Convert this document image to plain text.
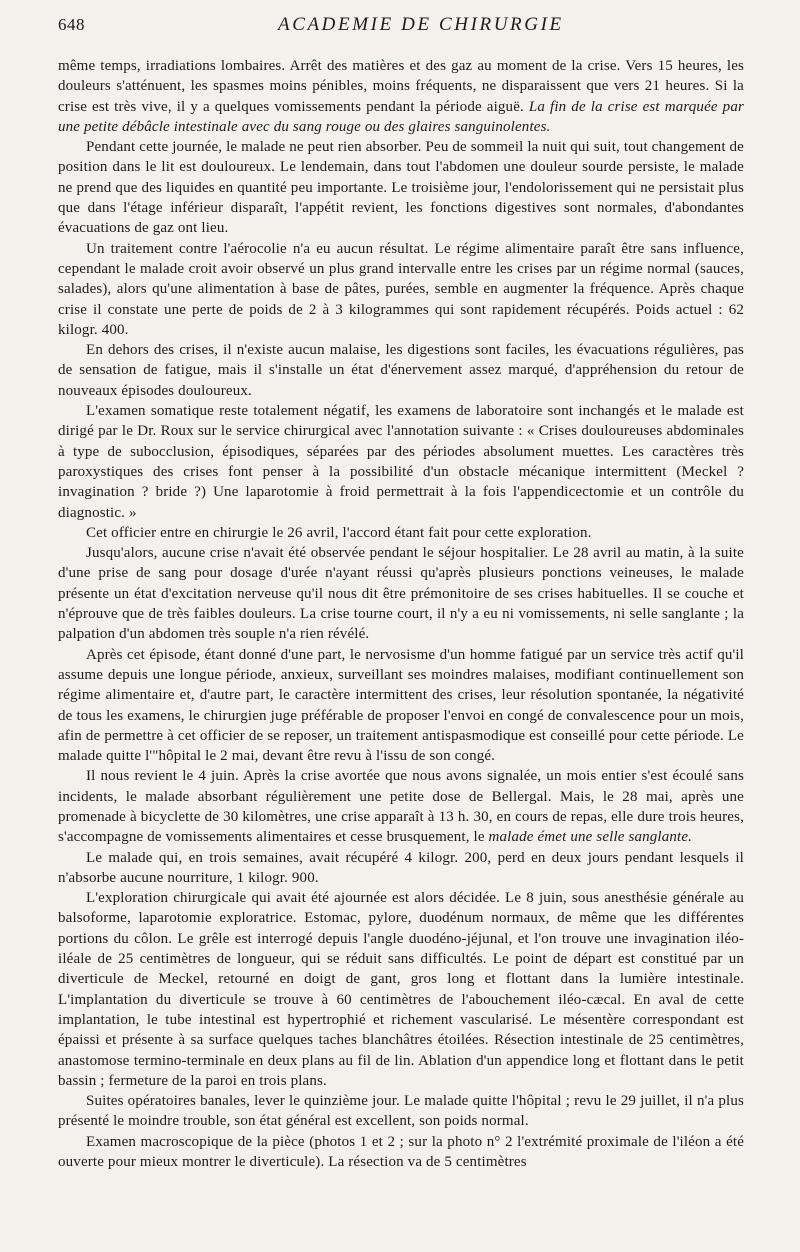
648	ACADEMIE DE CHIRURGIE

même temps, irradiations lombaires. Arrêt des matières et des gaz au moment de la crise. Vers 15 heures, les douleurs s'atténuent, les spasmes moins pénibles, moins fréquents, ne disparaissent que vers 21 heures. Si la crise est très vive, il y a quelques vomissements pendant la période aiguë. La fin de la crise est marquée par une petite débâcle intestinale avec du sang rouge ou des glaires sanguinolentes.

Pendant cette journée, le malade ne peut rien absorber. Peu de sommeil la nuit qui suit, tout changement de position dans le lit est douloureux. Le lendemain, dans tout l'abdomen une douleur sourde persiste, le malade ne prend que des liquides en quantité peu importante. Le troisième jour, l'endolorissement qui ne persistait plus que dans l'étage inférieur disparaît, l'appétit revient, les fonctions digestives sont normales, d'abondantes évacuations de gaz ont lieu.

Un traitement contre l'aérocolie n'a eu aucun résultat. Le régime alimentaire paraît être sans influence, cependant le malade croit avoir observé un plus grand intervalle entre les crises par un régime normal (sauces, salades), alors qu'une alimentation à base de pâtes, purées, semble en augmenter la fréquence. Après chaque crise il constate une perte de poids de 2 à 3 kilogrammes qui sont rapidement récupérés. Poids actuel : 62 kilogr. 400.

En dehors des crises, il n'existe aucun malaise, les digestions sont faciles, les évacuations régulières, pas de sensation de fatigue, mais il s'installe un état d'énervement assez marqué, d'appréhension du retour de nouveaux épisodes douloureux.

L'examen somatique reste totalement négatif, les examens de laboratoire sont inchangés et le malade est dirigé par le Dr. Roux sur le service chirurgical avec l'annotation suivante : « Crises douloureuses abdominales à type de subocclusion, épisodiques, séparées par des périodes absolument muettes. Les caractères très paroxystiques des crises font penser à la possibilité d'un obstacle mécanique intermittent (Meckel ? invagination ? bride ?) Une laparotomie à froid permettrait à la fois l'appendicectomie et un contrôle du diagnostic. »

Cet officier entre en chirurgie le 26 avril, l'accord étant fait pour cette exploration.

Jusqu'alors, aucune crise n'avait été observée pendant le séjour hospitalier. Le 28 avril au matin, à la suite d'une prise de sang pour dosage d'urée n'ayant réussi qu'après plusieurs ponctions veineuses, le malade présente un état d'excitation nerveuse qu'il nous dit être prémonitoire de ses crises habituelles. Il se couche et n'éprouve que de très faibles douleurs. La crise tourne court, il n'y a eu ni vomissements, ni selle sanglante ; la palpation d'un abdomen très souple n'a rien révélé.

Après cet épisode, étant donné d'une part, le nervosisme d'un homme fatigué par un service très actif qu'il assume depuis une longue période, anxieux, surveillant ses moindres malaises, modifiant continuellement son régime alimentaire et, d'autre part, le caractère intermittent des crises, leur résolution spontanée, la négativité de tous les examens, le chirurgien juge préférable de proposer l'envoi en congé de convalescence pour un mois, afin de permettre à cet officier de se reposer, un traitement antispasmodique est conseillé pour cette période. Le malade quitte l'"hôpital le 2 mai, devant être revu à l'issu de son congé.

Il nous revient le 4 juin. Après la crise avortée que nous avons signalée, un mois entier s'est écoulé sans incidents, le malade absorbant régulièrement une petite dose de Bellergal. Mais, le 28 mai, après une promenade à bicyclette de 30 kilomètres, une crise apparaît à 13 h. 30, en cours de repas, elle dure trois heures, s'accompagne de vomissements alimentaires et cesse brusquement, le malade émet une selle sanglante.

Le malade qui, en trois semaines, avait récupéré 4 kilogr. 200, perd en deux jours pendant lesquels il n'absorbe aucune nourriture, 1 kilogr. 900.

L'exploration chirurgicale qui avait été ajournée est alors décidée. Le 8 juin, sous anesthésie générale au balsoforme, laparotomie exploratrice. Estomac, pylore, duodénum normaux, de même que les différentes portions du côlon. Le grêle est interrogé depuis l'angle duodéno-jéjunal, et l'on trouve une invagination iléo-iléale de 25 centimètres de longueur, qui se réduit sans difficultés. Le point de départ est constitué par un diverticule de Meckel, retourné en doigt de gant, gros long et flottant dans la lumière intestinale. L'implantation du diverticule se trouve à 60 centimètres de l'abouchement iléo-cæcal. En aval de cette implantation, le tube intestinal est hypertrophié et richement vascularisé. Le mésentère correspondant est épaissi et présente à sa surface quelques taches blanchâtres étoilées. Résection intestinale de 25 centimètres, anastomose termino-terminale en deux plans au fil de lin. Ablation d'un appendice long et flottant dans le petit bassin ; fermeture de la paroi en trois plans.

Suites opératoires banales, lever le quinzième jour. Le malade quitte l'hôpital ; revu le 29 juillet, il n'a plus présenté le moindre trouble, son état général est excellent, son poids normal.

Examen macroscopique de la pièce (photos 1 et 2 ; sur la photo n° 2 l'extrémité proximale de l'iléon a été ouverte pour mieux montrer le diverticule). La résection va de 5 centimètres
